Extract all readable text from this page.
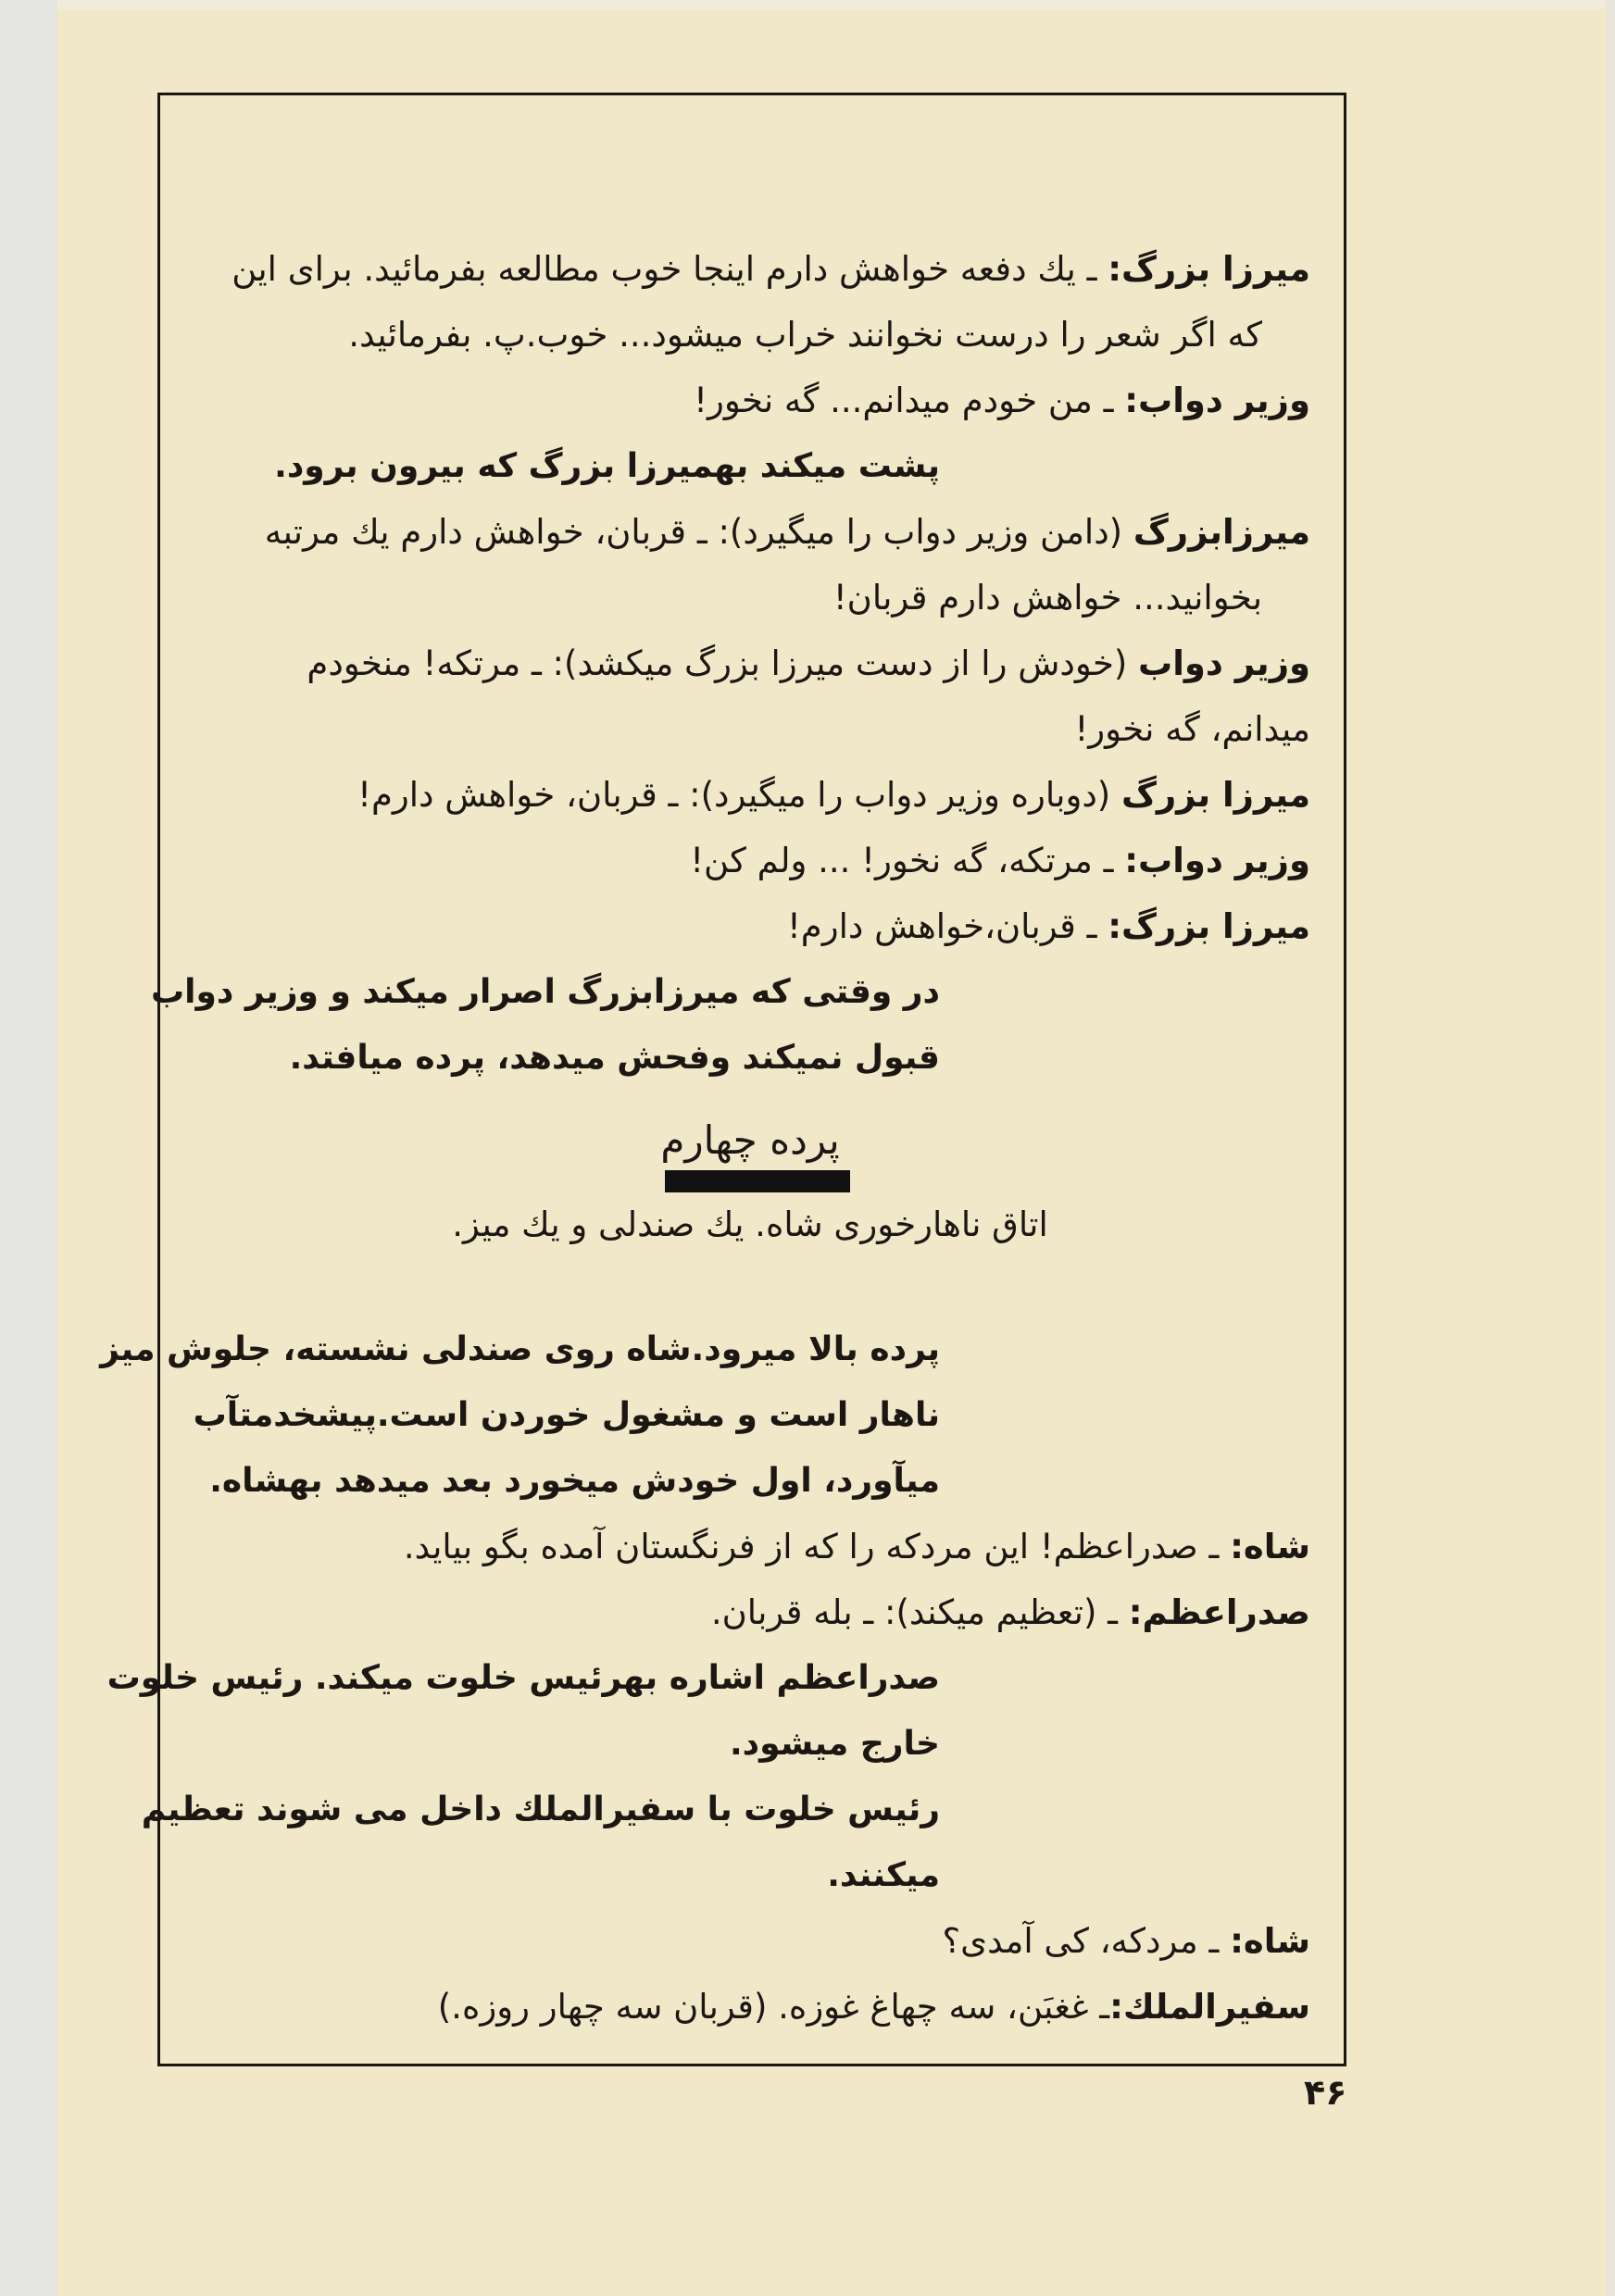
میرزا بزرگ: ـ یك دفعه خواهش دارم اینجا خوب مطالعه بفرمائید. برای این
که اگر شعر را درست نخوانند خراب میشود... خوب.پ. بفرمائید.
وزیر دواب: ـ من خودم میدانم... گه نخور!
پشت میکند بهمیرزا بزرگ که بیرون برود.
میرزابزرگ (دامن وزیر دواب را میگیرد): ـ قربان، خواهش دارم یك مرتبه
بخوانید... خواهش دارم قربان!
وزیر دواب (خودش را از دست میرزا بزرگ میکشد): ـ مرتکه! منخودم
میدانم، گه نخور!
میرزا بزرگ (دوباره وزیر دواب را میگیرد): ـ قربان، خواهش دارم!
وزیر دواب: ـ مرتکه، گه نخور! ... ولم کن!
میرزا بزرگ: ـ قربان،خواهش دارم!
در وقتی که میرزابزرگ اصرار میکند و وزیر دواب
قبول نمیکند وفحش میدهد، پرده میافتد.
پرده چهارم
اتاق ناهارخوری شاه. یك صندلی و یك میز.
پرده بالا میرود.شاه روی صندلی نشسته، جلوش میز
ناهار است و مشغول خوردن است.پیشخدمتآب
میآورد، اول خودش میخورد بعد میدهد بهشاه.
شاه: ـ صدراعظم! این مردکه را که از فرنگستان آمده بگو بیاید.
صدراعظم: ـ (تعظیم میکند): ـ بله قربان.
صدراعظم اشاره بهرئیس خلوت میکند. رئیس خلوت
خارج میشود.
رئیس خلوت با سفیرالملك داخل می شوند تعظیم
میکنند.
شاه: ـ مردکه، کی آمدی؟
سفیرالملك:ـ غغبَن، سه چهاغ غوزه. (قربان سه چهار روزه.)
۴۶
